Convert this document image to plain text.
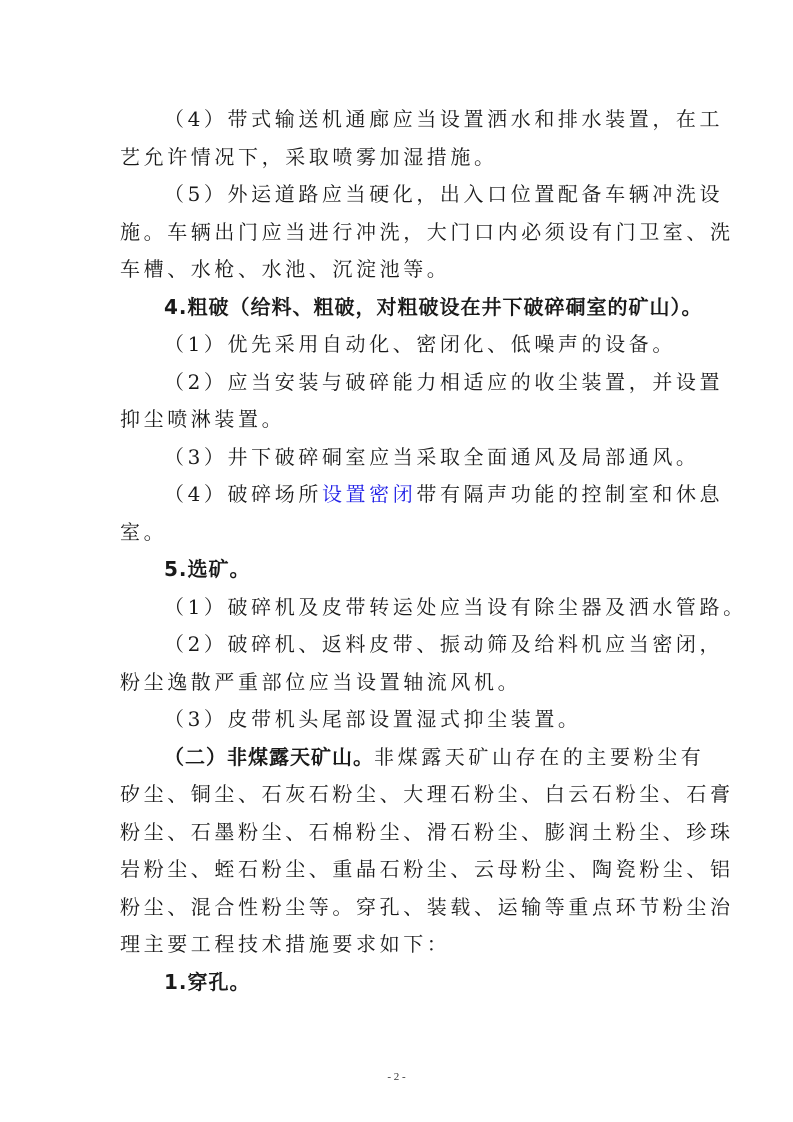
（4）带式输送机通廊应当设置洒水和排水装置，在工
艺允许情况下，采取喷雾加湿措施。
（5）外运道路应当硬化，出入口位置配备车辆冲洗设
施。车辆出门应当进行冲洗，大门口内必须设有门卫室、洗
车槽、水枪、水池、沉淀池等。
4.粗破（给料、粗破，对粗破设在井下破碎硐室的矿山）。
（1）优先采用自动化、密闭化、低噪声的设备。
（2）应当安装与破碎能力相适应的收尘装置，并设置
抑尘喷淋装置。
（3）井下破碎硐室应当采取全面通风及局部通风。
（4）破碎场所设置密闭带有隔声功能的控制室和休息
室。
5.选矿。
（1）破碎机及皮带转运处应当设有除尘器及洒水管路。
（2）破碎机、返料皮带、振动筛及给料机应当密闭，
粉尘逸散严重部位应当设置轴流风机。
（3）皮带机头尾部设置湿式抑尘装置。
（二）非煤露天矿山。非煤露天矿山存在的主要粉尘有
矽尘、铜尘、石灰石粉尘、大理石粉尘、白云石粉尘、石膏
粉尘、石墨粉尘、石棉粉尘、滑石粉尘、膨润土粉尘、珍珠
岩粉尘、蛭石粉尘、重晶石粉尘、云母粉尘、陶瓷粉尘、铝
粉尘、混合性粉尘等。穿孔、装载、运输等重点环节粉尘治
理主要工程技术措施要求如下：
1.穿孔。
- 2 -
